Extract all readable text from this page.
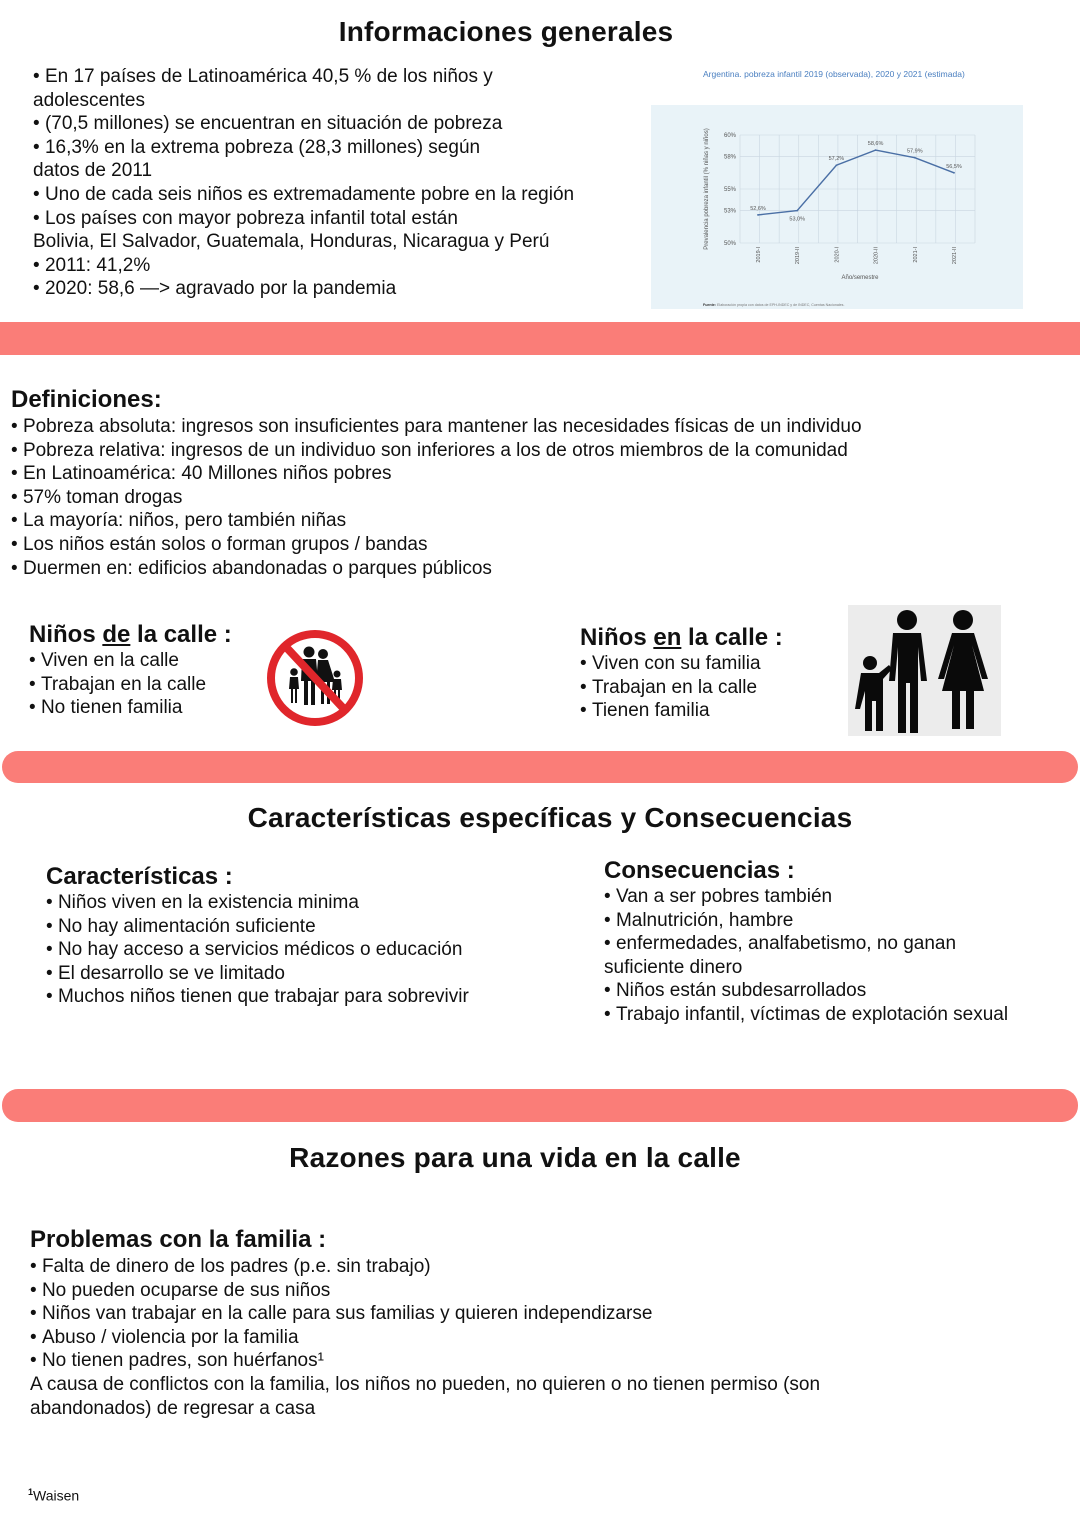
Informaciones generales
• En 17 países de Latinoamérica 40,5 % de los niños y
adolescentes
• (70,5 millones) se encuentran en situación de pobreza
• 16,3% en la extrema pobreza (28,3 millones) según
datos de 2011
• Uno de cada seis niños es extremadamente pobre en la región
• Los países con mayor pobreza infantil total están
Bolivia, El Salvador, Guatemala, Honduras, Nicaragua y Perú
• 2011: 41,2%
• 2020: 58,6 —> agravado por la pandemia
Argentina. pobreza infantil 2019 (observada), 2020 y 2021 (estimada)
50%
53%
55%
58%
60%
Prevalencia pobreza infantil (% niñas y niños)	52,6%
2019-I
53,0%
2019-II
57,2%
2020-I
58,6%
2020-II
57,9%
2021-I
56,5%
2021-II
Año/semestre
Fuente: Elaboración propia con datos de EPH-INDEC y de INDEC, Cuentas Nacionales.
Definiciones:
• Pobreza absoluta: ingresos son insuficientes para mantener las necesidades físicas de un individuo
• Pobreza relativa: ingresos de un individuo son inferiores a los de otros miembros de la comunidad
• En Latinoamérica: 40 Millones niños pobres
• 57% toman drogas
• La mayoría: niños, pero también niñas
• Los niños están solos o forman grupos / bandas
• Duermen en: edificios abandonadas o parques públicos
Niños de la calle :
• Viven en la calle
• Trabajan en la calle
• No tienen familia
Niños en la calle :
• Viven con su familia
• Trabajan en la calle
• Tienen familia
Características específicas y Consecuencias
Características :
• Niños viven en la existencia minima
• No hay alimentación suficiente
• No hay acceso a servicios médicos o educación
• El desarrollo se ve limitado
• Muchos niños tienen que trabajar para sobrevivir
Consecuencias :
• Van a ser pobres también
• Malnutrición, hambre
• enfermedades, analfabetismo, no ganan
suficiente dinero
• Niños están subdesarrollados
• Trabajo infantil, víctimas de explotación sexual
Razones para una vida en la calle
Problemas con la familia :
• Falta de dinero de los padres (p.e. sin trabajo)
• No pueden ocuparse de sus niños
• Niños van trabajar en la calle para sus familias y quieren independizarse
• Abuso / violencia por la familia
• No tienen padres, son huérfanos¹
A causa de conflictos con la familia, los niños no pueden, no quieren o no tienen permiso (son
abandonados) de regresar a casa
$^1$Waisen
